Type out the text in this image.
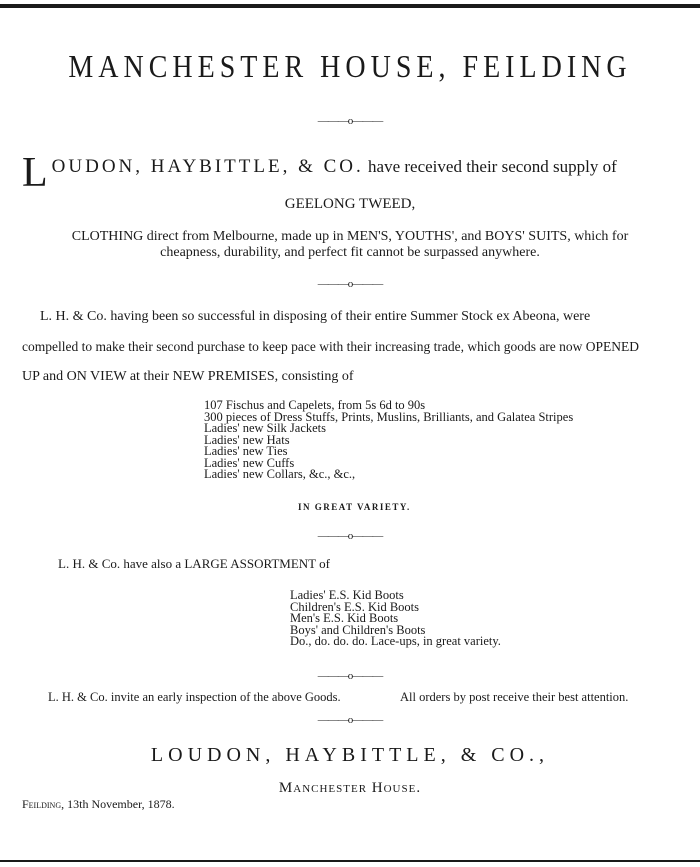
MANCHESTER HOUSE, FEILDING
———o———
LOUDON, HAYBITTLE, & CO. have received their second supply of
GEELONG TWEED,
CLOTHING direct from Melbourne, made up in MEN'S, YOUTHS', and BOYS' SUITS, which for
cheapness, durability, and perfect fit cannot be surpassed anywhere.
———o———
L. H. & Co. having been so successful in disposing of their entire Summer Stock ex Abeona, were
compelled to make their second purchase to keep pace with their increasing trade, which goods are now OPENED
UP and ON VIEW at their NEW PREMISES, consisting of
107 Fischus and Capelets, from 5s 6d to 90s
300 pieces of Dress Stuffs, Prints, Muslins, Brilliants, and Galatea Stripes
Ladies' new Silk Jackets
Ladies' new Hats
Ladies' new Ties
Ladies' new Cuffs
Ladies' new Collars, &c., &c.,
IN GREAT VARIETY.
———o———
L. H. & Co. have also a LARGE ASSORTMENT of
Ladies' E.S. Kid Boots
Children's E.S. Kid Boots
Men's E.S. Kid Boots
Boys' and Children's Boots
Do., do. do. do. Lace-ups, in great variety.
———o———
L. H. & Co. invite an early inspection of the above Goods.	All orders by post receive their best attention.
———o———
LOUDON, HAYBITTLE, & CO.,
Manchester House.
Feilding, 13th November, 1878.
